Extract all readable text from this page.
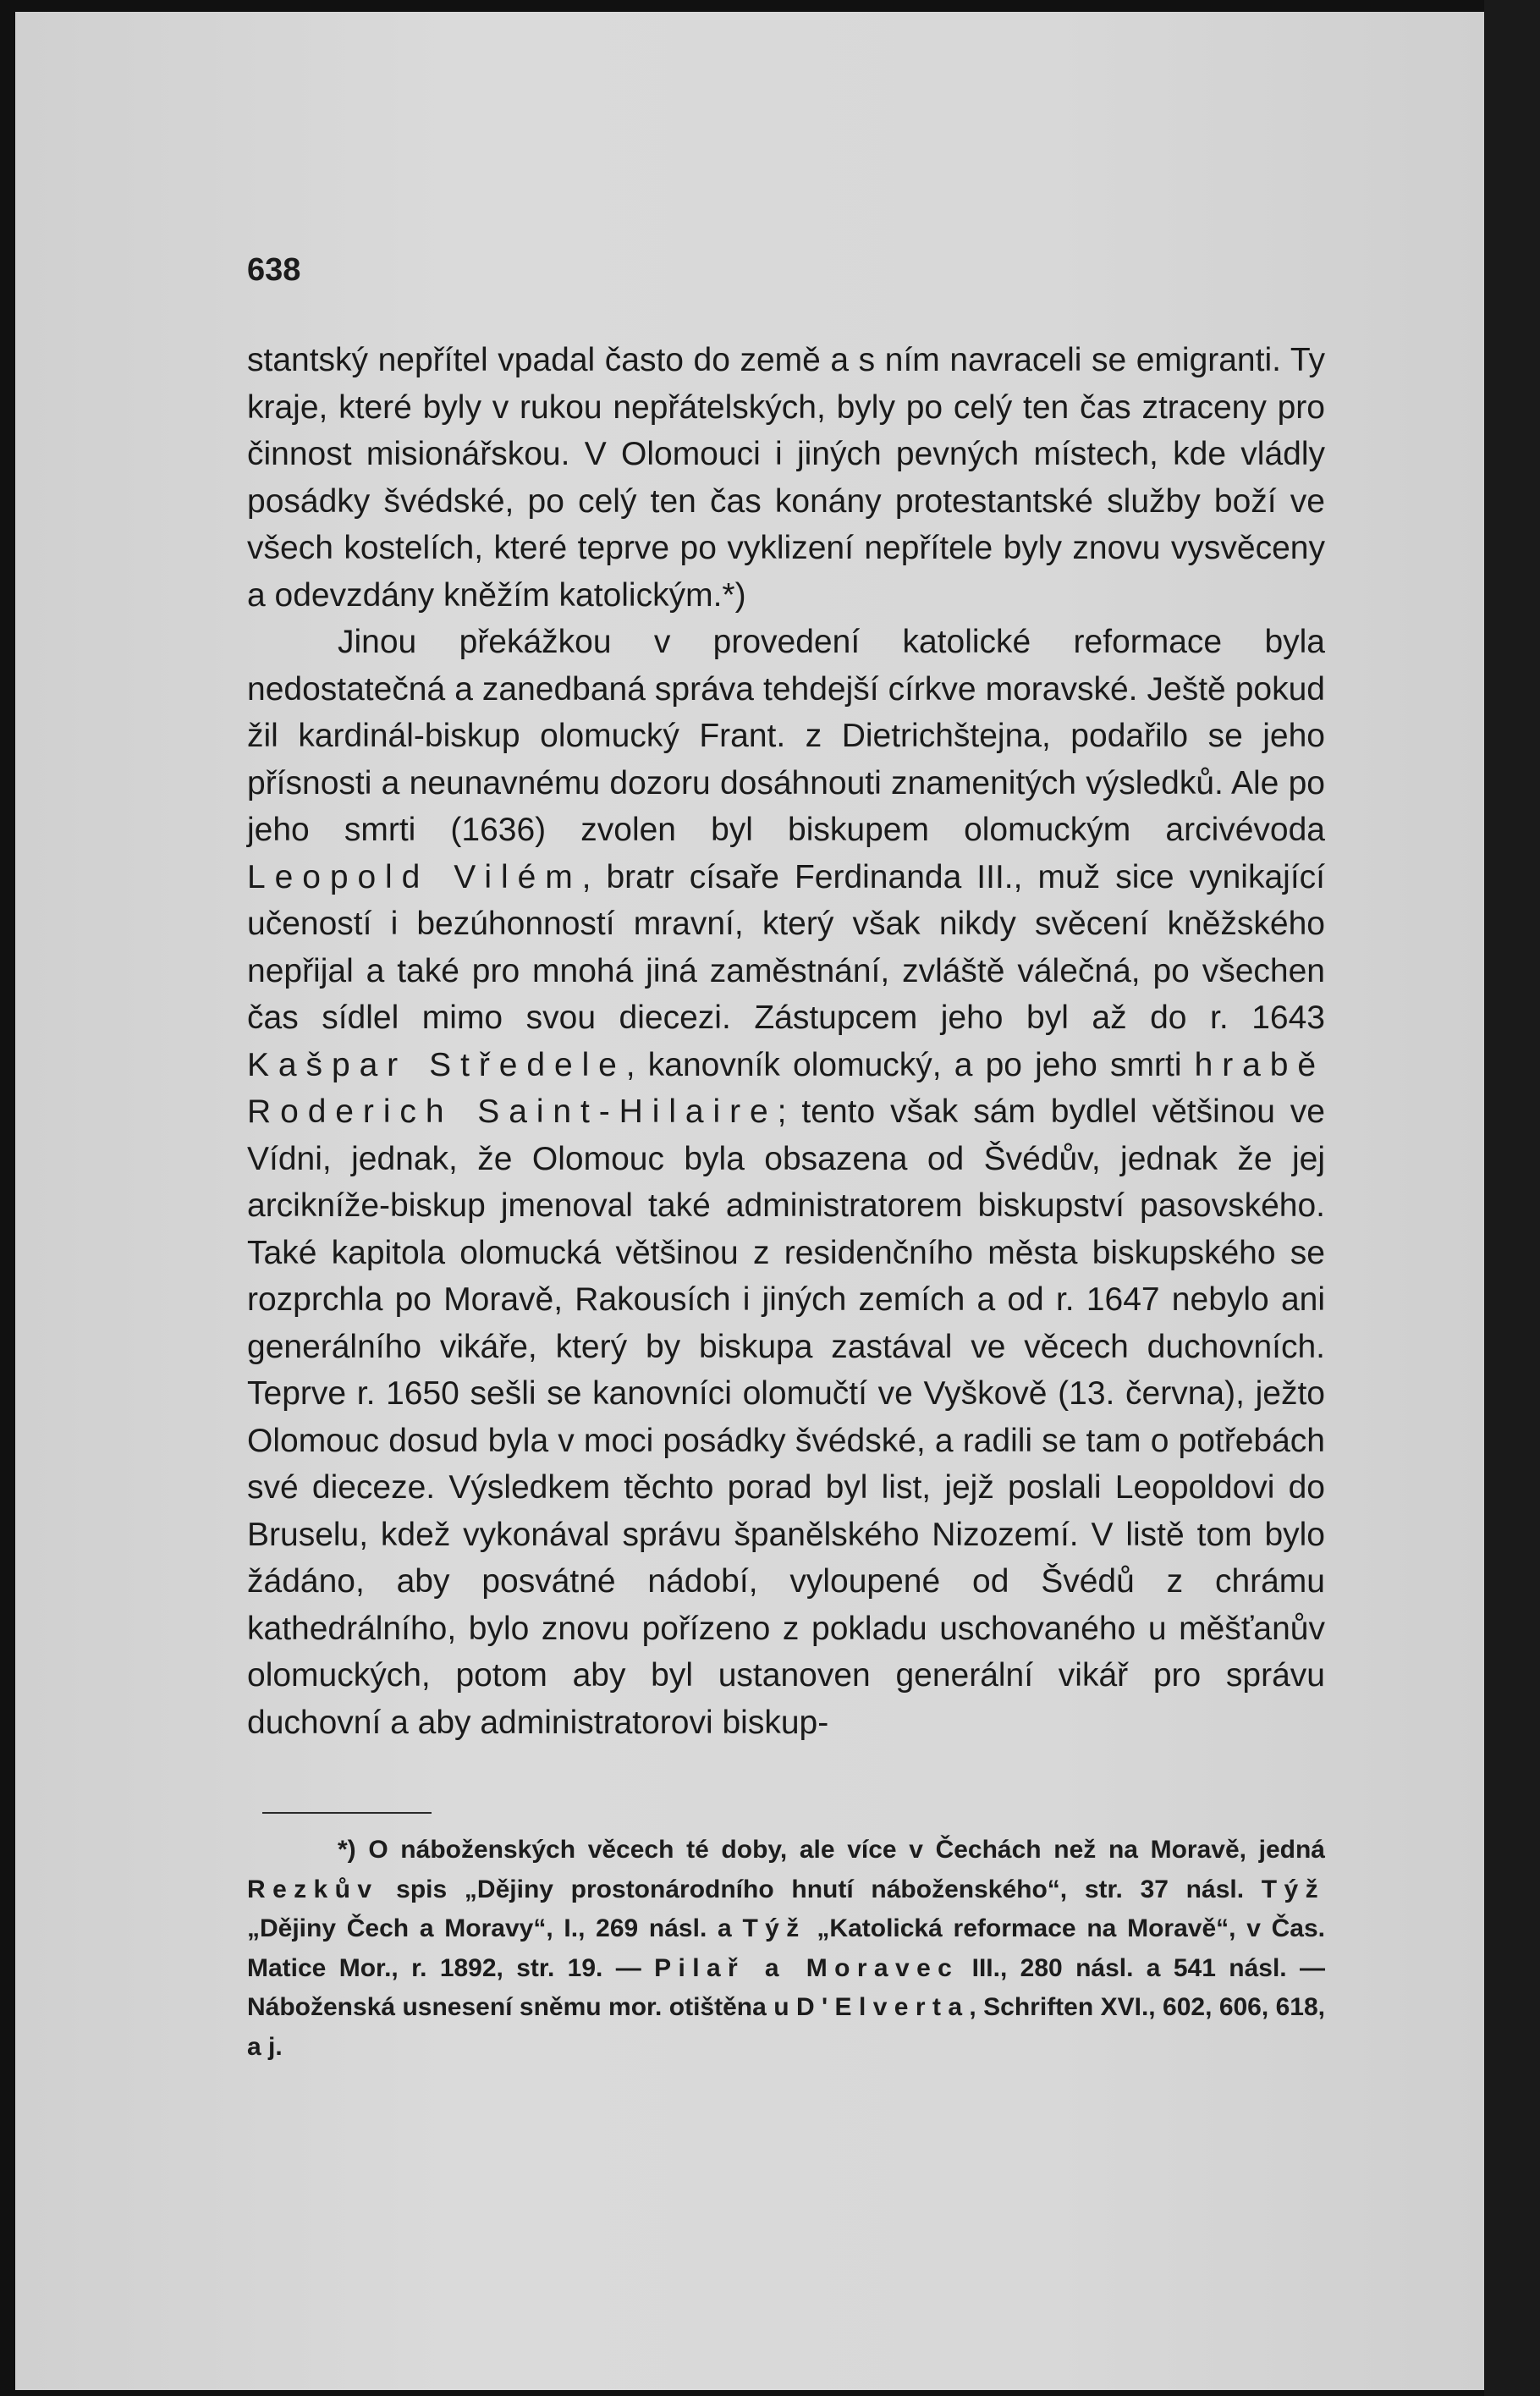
638

stantský nepřítel vpadal často do země a s ním navraceli se emigranti. Ty kraje, které byly v rukou nepřátelských, byly po celý ten čas ztraceny pro činnost misionářskou. V Olomouci i jiných pevných místech, kde vládly posádky švédské, po celý ten čas konány protestantské služby boží ve všech kostelích, které teprve po vyklizení nepřítele byly znovu vysvěceny a odevzdány kněžím katolickým.*)

Jinou překážkou v provedení katolické reformace byla nedostatečná a zanedbaná správa tehdejší církve moravské. Ještě pokud žil kardinál-biskup olomucký Frant. z Dietrichštejna, podařilo se jeho přísnosti a neunavnému dozoru dosáhnouti znamenitých výsledků. Ale po jeho smrti (1636) zvolen byl biskupem olomuckým arcivévoda Leopold Vilém, bratr císaře Ferdinanda III., muž sice vynikající učeností i bezúhonností mravní, který však nikdy svěcení kněžského nepřijal a také pro mnohá jiná zaměstnání, zvláště válečná, po všechen čas sídlel mimo svou diecezi. Zástupcem jeho byl až do r. 1643 Kašpar Středele, kanovník olomucký, a po jeho smrti hrabě Roderich Saint-Hilaire; tento však sám bydlel většinou ve Vídni, jednak, že Olomouc byla obsazena od Švédův, jednak že jej arcikníže-biskup jmenoval také administratorem biskupství pasovského. Také kapitola olomucká většinou z residenčního města biskupského se rozprchla po Moravě, Rakousích i jiných zemích a od r. 1647 nebylo ani generálního vikáře, který by biskupa zastával ve věcech duchovních. Teprve r. 1650 sešli se kanovníci olomučtí ve Vyškově (13. června), ježto Olomouc dosud byla v moci posádky švédské, a radili se tam o potřebách své dieceze. Výsledkem těchto porad byl list, jejž poslali Leopoldovi do Bruselu, kdež vykonával správu španělského Nizozemí. V listě tom bylo žádáno, aby posvátné nádobí, vyloupené od Švédů z chrámu kathedrálního, bylo znovu pořízeno z pokladu uschovaného u měšťanův olomuckých, potom aby byl ustanoven generální vikář pro správu duchovní a aby administratorovi biskup-

*) O náboženských věcech té doby, ale více v Čechách než na Moravě, jedná Rezkův spis „Dějiny prostonárodního hnutí náboženského“, str. 37 násl. Týž „Dějiny Čech a Moravy“, I., 269 násl. a Týž „Katolická reformace na Moravě“, v Čas. Matice Mor., r. 1892, str. 19. — Pilař a Moravec III., 280 násl. a 541 násl. — Náboženská usnesení sněmu mor. otištěna u D'Elverta, Schriften XVI., 602, 606, 618, a j.
